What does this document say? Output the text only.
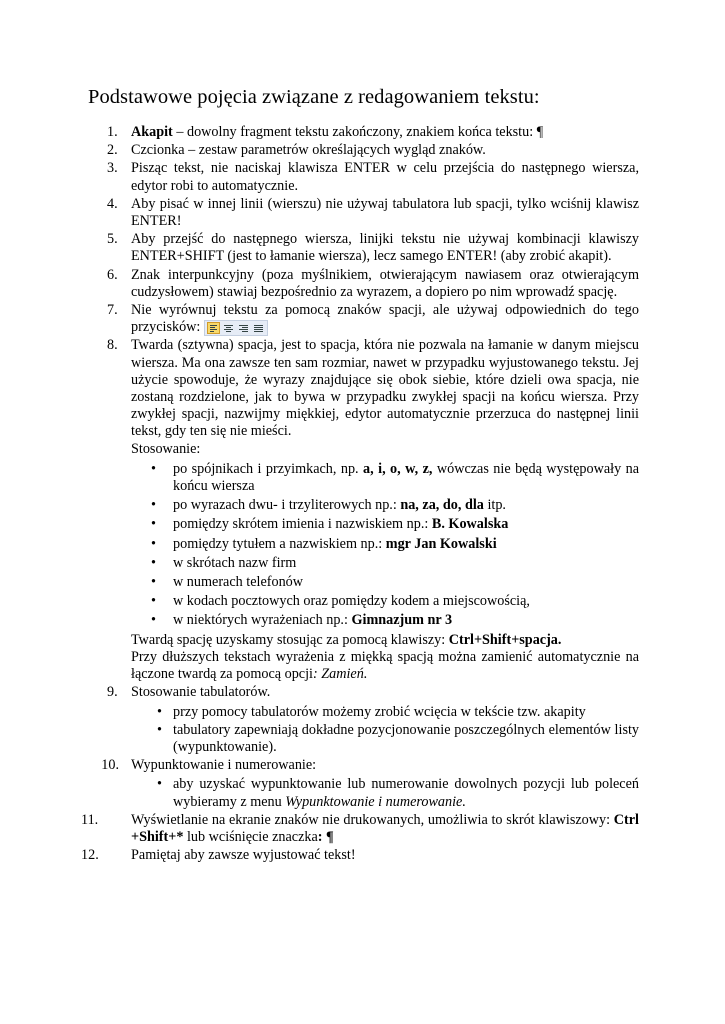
Podstawowe pojęcia związane z redagowaniem tekstu:
1. Akapit – dowolny fragment tekstu zakończony, znakiem końca tekstu: ¶
2. Czcionka – zestaw parametrów określających wygląd znaków.
3. Pisząc tekst, nie naciskaj klawisza ENTER w celu przejścia do następnego wiersza, edytor robi to automatycznie.
4. Aby pisać w innej linii (wierszu) nie używaj tabulatora lub spacji, tylko wciśnij klawisz ENTER!
5. Aby przejść do następnego wiersza, linijki tekstu nie używaj kombinacji klawiszy ENTER+SHIFT (jest to łamanie wiersza), lecz samego ENTER! (aby zrobić akapit).
6. Znak interpunkcyjny (poza myślnikiem, otwierającym nawiasem oraz otwierającym cudzysłowem) stawiaj bezpośrednio za wyrazem, a dopiero po nim wprowadź spację.
7. Nie wyrównuj tekstu za pomocą znaków spacji, ale używaj odpowiednich do tego przycisków:
8. Twarda (sztywna) spacja, jest to spacja, która nie pozwala na łamanie w danym miejscu wiersza. Ma ona zawsze ten sam rozmiar, nawet w przypadku wyjustowanego tekstu. Jej użycie spowoduje, że wyrazy znajdujące się obok siebie, które dzieli owa spacja, nie zostaną rozdzielone, jak to bywa w przypadku zwykłej spacji na końcu wiersza. Przy zwykłej spacji, nazwijmy miękkiej, edytor automatycznie przerzuca do następnej linii tekst, gdy ten się nie mieści.
Stosowanie:
• po spójnikach i przyimkach, np. a, i, o, w, z, wówczas nie będą występowały na końcu wiersza
• po wyrazach dwu- i trzyliterowych np.: na, za, do, dla itp.
• pomiędzy skrótem imienia i nazwiskiem np.: B. Kowalska
• pomiędzy tytułem a nazwiskiem np.: mgr Jan Kowalski
• w skrótach nazw firm
• w numerach telefonów
• w kodach pocztowych oraz pomiędzy kodem a miejscowością,
• w niektórych wyrażeniach np.: Gimnazjum nr 3
Twardą spację uzyskamy stosując za pomocą klawiszy: Ctrl+Shift+spacja.
Przy dłuższych tekstach wyrażenia z miękką spacją można zamienić automatycznie na łączone twardą za pomocą opcji: Zamień.
9. Stosowanie tabulatorów.
• przy pomocy tabulatorów możemy zrobić wcięcia w tekście tzw. akapity
• tabulatory zapewniają dokładne pozycjonowanie poszczególnych elementów listy (wypunktowanie).
10. Wypunktowanie i numerowanie:
• aby uzyskać wypunktowanie lub numerowanie dowolnych pozycji lub poleceń wybieramy z menu Wypunktowanie i numerowanie.
11.	Wyświetlanie na ekranie znaków nie drukowanych, umożliwia to skrót klawiszowy: Ctrl +Shift+* lub wciśnięcie znaczka: ¶
12.	Pamiętaj aby zawsze wyjustować tekst!
